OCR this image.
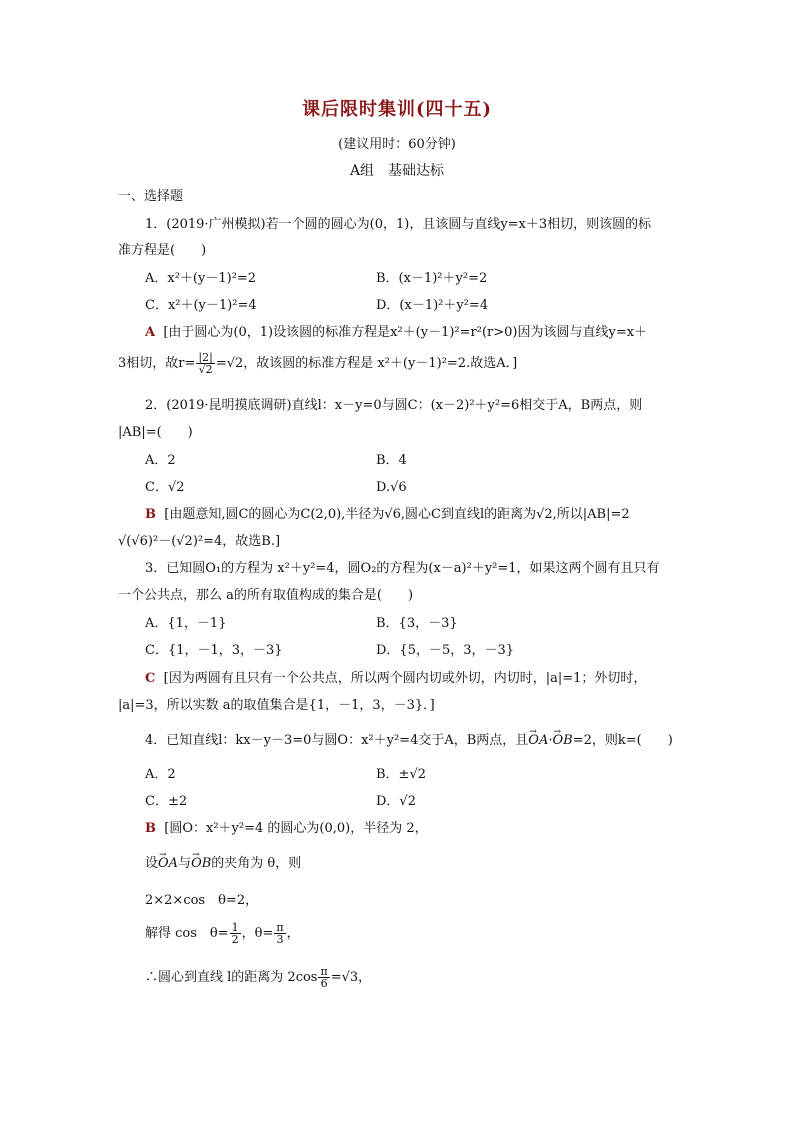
课后限时集训(四十五)
(建议用时：60分钟)
A组　基础达标
一、选择题
1．(2019·广州模拟)若一个圆的圆心为(0，1)，且该圆与直线y=x＋3相切，则该圆的标
准方程是(　　)
A．x²＋(y－1)²=2	B．(x－1)²＋y²=2
C．x²＋(y－1)²=4	D．(x－1)²＋y²=4
A [由于圆心为(0，1)设该圆的标准方程是x²＋(y－1)²=r²(r>0)因为该圆与直线y=x＋
3相切，故$r= \frac{|2|}{√2} =√2$，故该圆的标准方程是 x²＋(y－1)²=2.故选A．]
2．(2019·昆明摸底调研)直线l：x－y=0与圆C：(x－2)²＋y²=6相交于A，B两点，则
|AB|=(　　)
A．2	B．4
C．√2	D.√6
B [由题意知,圆C的圆心为C(2,0),半径为√6,圆心C到直线l的距离为√2,所以|AB|=2
√(√6)²－(√2)²=4，故选B.]
3．已知圆O₁的方程为 x²＋y²=4，圆O₂的方程为(x－a)²＋y²=1，如果这两个圆有且只有
一个公共点，那么 a的所有取值构成的集合是(　　)
A．{1，－1}	B．{3，－3}
C．{1，－1，3，－3}	D．{5，－5，3，－3}
C [因为两圆有且只有一个公共点，所以两个圆内切或外切，内切时，|a|=1；外切时，
|a|=3，所以实数 a的取值集合是{1，－1，3，－3}．]
4．已知直线l：kx－y－3=0与圆O：x²＋y²=4交于A，B两点，且→ OA·→ OB=2，则k=(　　)
A．2	B．±√2
C．±2	D．√2
B [圆O：x²＋y²=4 的圆心为(0,0)，半径为 2，
设→ OA与→ OB的夹角为 θ，则
2×2×cos　θ=2，
解得 cos　$\theta= \frac{1}{2}$ ，$\theta= \frac{\pi}{3}$ ，
∴圆心到直线 l的距离为 $2\cos \frac{\pi}{6} =√3$，
